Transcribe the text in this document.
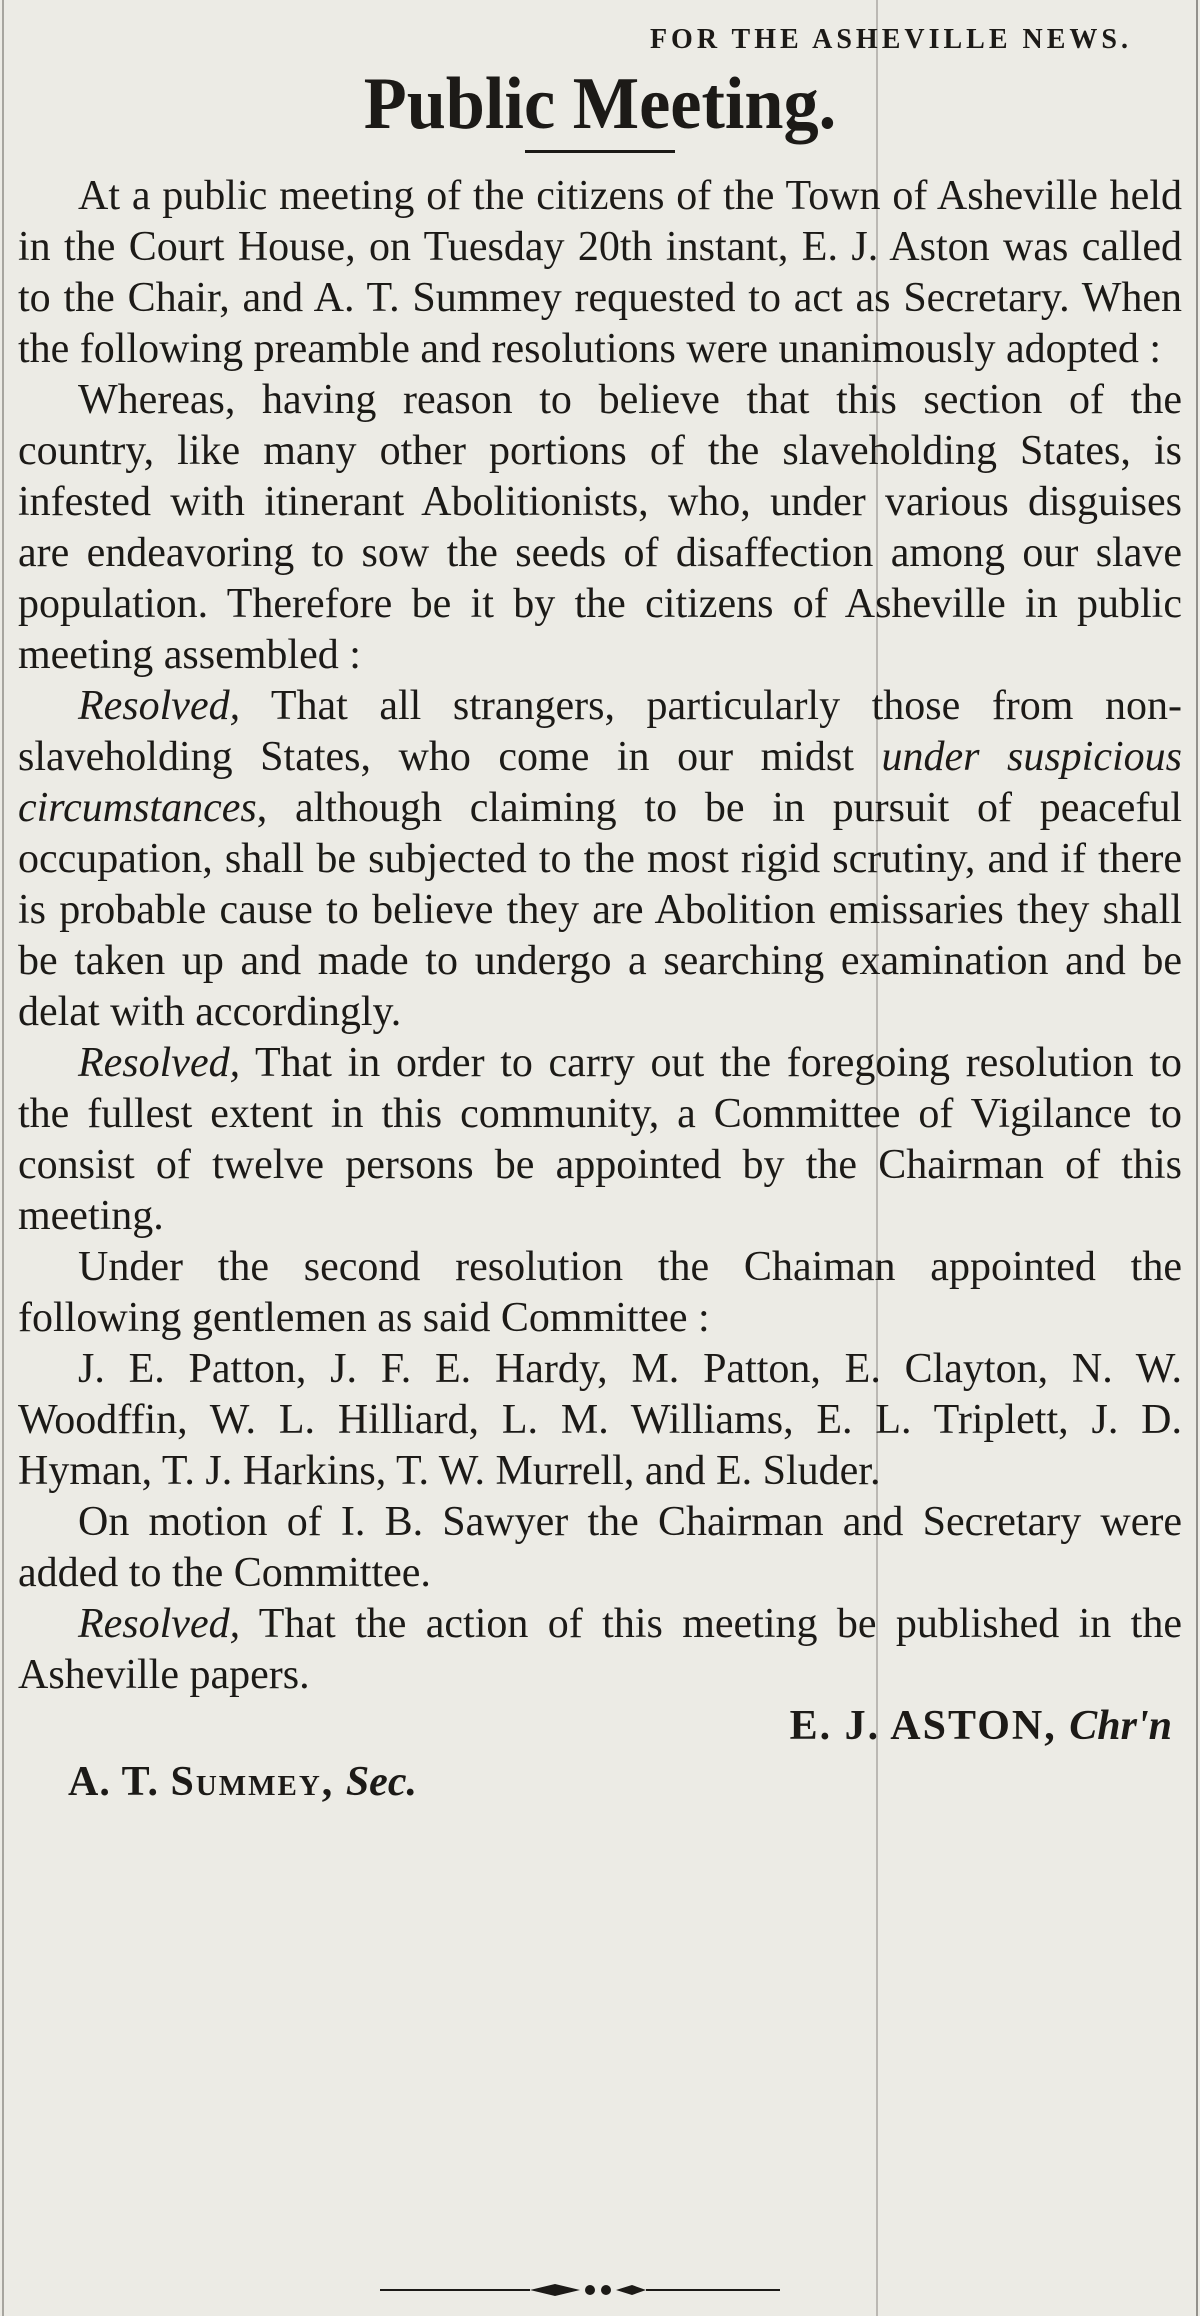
FOR THE ASHEVILLE NEWS.
Public Meeting.

At a public meeting of the citizens of the Town of Asheville held in the Court House, on Tuesday 20th instant, E. J. Aston was called to the Chair, and A. T. Summey requested to act as Secretary. When the following preamble and resolutions were unanimously adopted :

Whereas, having reason to believe that this section of the country, like many other portions of the slaveholding States, is infested with itinerant Abolitionists, who, under various disguises are endeavoring to sow the seeds of disaffection among our slave population. Therefore be it by the citizens of Asheville in public meeting assembled :

Resolved, That all strangers, particularly those from non-slaveholding States, who come in our midst under suspicious circumstances, although claiming to be in pursuit of peaceful occupation, shall be subjected to the most rigid scrutiny, and if there is probable cause to believe they are Abolition emissaries they shall be taken up and made to undergo a searching examination and be delat with accordingly.

Resolved, That in order to carry out the foregoing resolution to the fullest extent in this community, a Committee of Vigilance to consist of twelve persons be appointed by the Chairman of this meeting.

Under the second resolution the Chaiman appointed the following gentlemen as said Committee :

J. E. Patton, J. F. E. Hardy, M. Patton, E. Clayton, N. W. Woodffin, W. L. Hilliard, L. M. Williams, E. L. Triplett, J. D. Hyman, T. J. Harkins, T. W. Murrell, and E. Sluder.

On motion of I. B. Sawyer the Chairman and Secretary were added to the Committee.

Resolved, That the action of this meeting be published in the Asheville papers.

E. J. ASTON, Chr'n
A. T. Summey, Sec.
